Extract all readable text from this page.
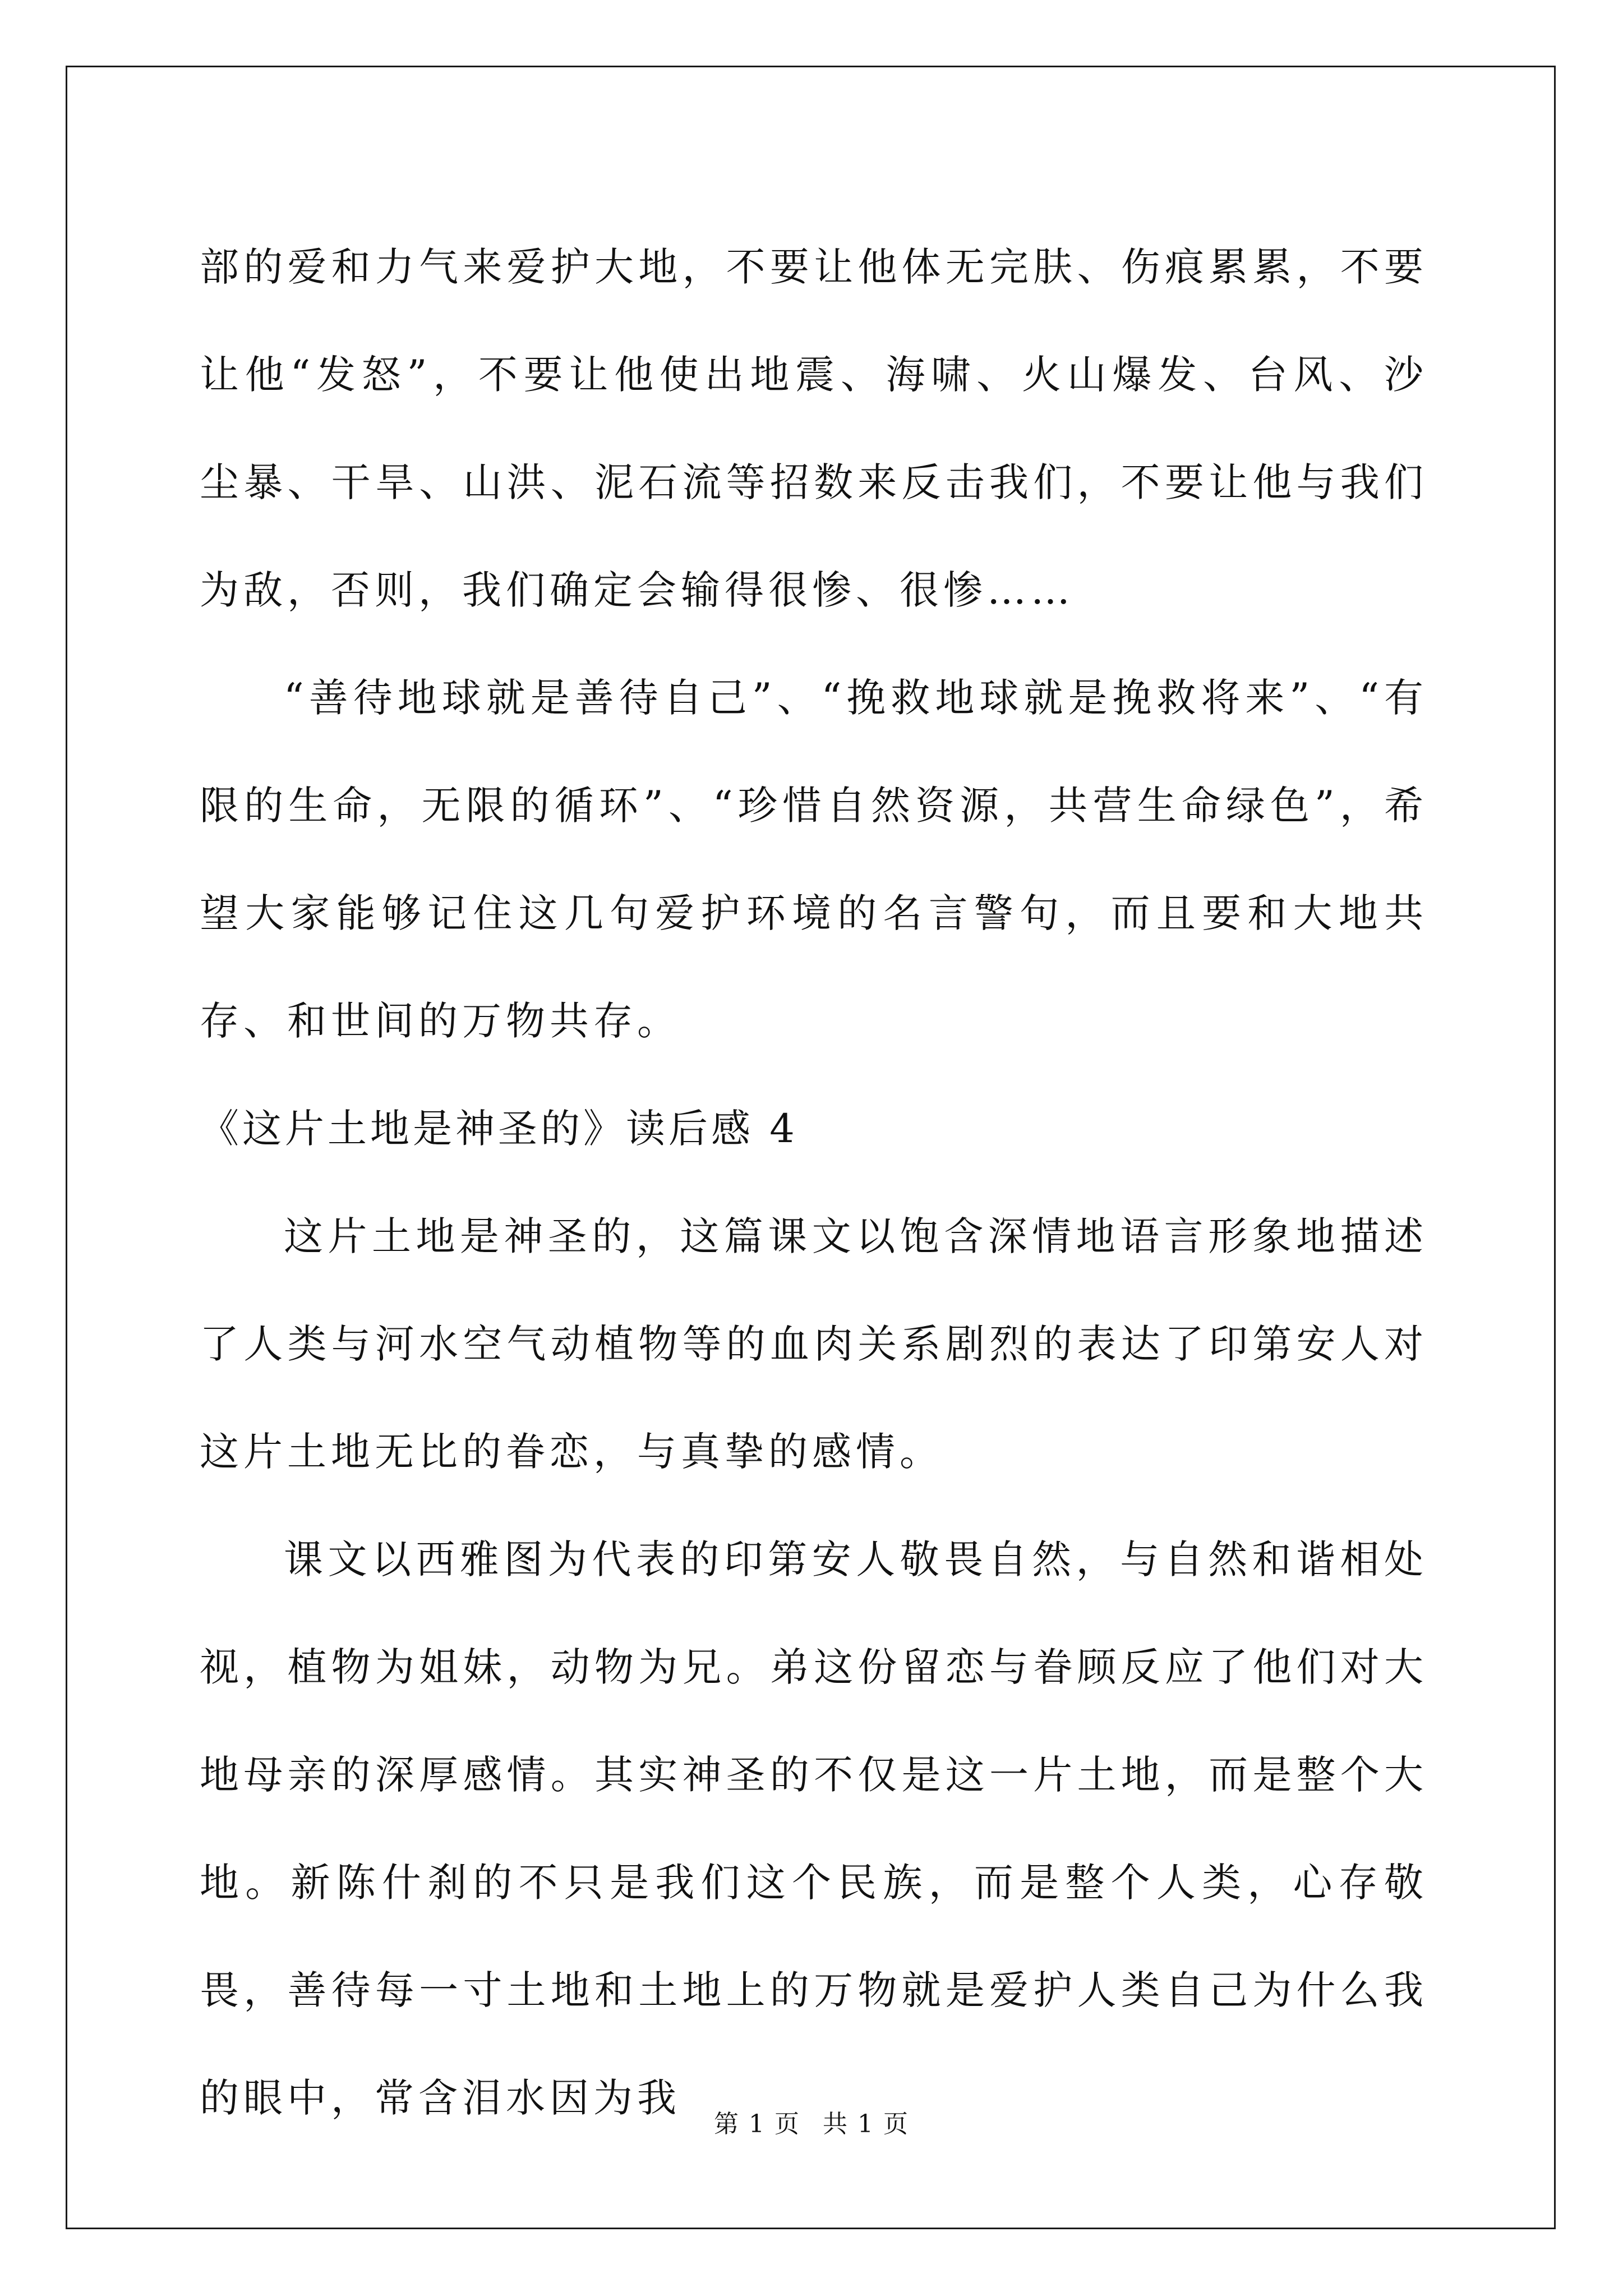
部的爱和力气来爱护大地，不要让他体无完肤、伤痕累累，不要让他“发怒”，不要让他使出地震、海啸、火山爆发、台风、沙尘暴、干旱、山洪、泥石流等招数来反击我们，不要让他与我们为敌，否则，我们确定会输得很惨、很惨……

“善待地球就是善待自己”、“挽救地球就是挽救将来”、“有限的生命，无限的循环”、“珍惜自然资源，共营生命绿色”，希望大家能够记住这几句爱护环境的名言警句，而且要和大地共存、和世间的万物共存。

《这片土地是神圣的》读后感 4

这片土地是神圣的，这篇课文以饱含深情地语言形象地描述了人类与河水空气动植物等的血肉关系剧烈的表达了印第安人对这片土地无比的眷恋，与真挚的感情。

课文以西雅图为代表的印第安人敬畏自然，与自然和谐相处视，植物为姐妹，动物为兄。弟这份留恋与眷顾反应了他们对大地母亲的深厚感情。其实神圣的不仅是这一片土地，而是整个大地。新陈什刹的不只是我们这个民族，而是整个人类，心存敬畏，善待每一寸土地和土地上的万物就是爱护人类自己为什么我的眼中，常含泪水因为我

第 1 页 共 1 页
